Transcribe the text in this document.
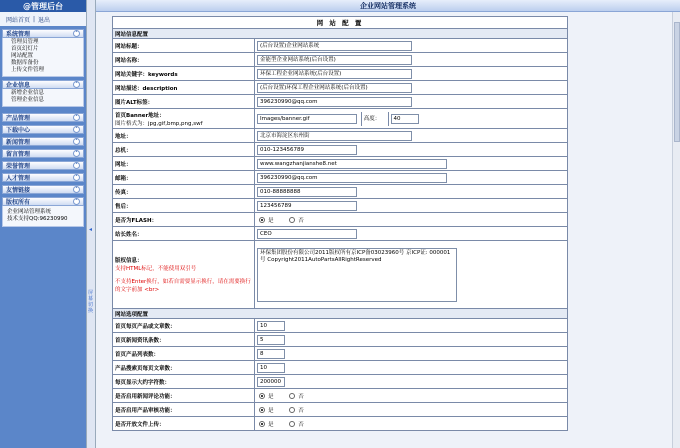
@管理后台
网站首页 | 退出
系统管理	˄
管理员管理
首页幻灯片
网站配置
数据库备份
上传文件管理
企业信息	˄
新增企业信息
管理企业信息
产品管理	˅
下载中心	˅
新闻管理	˅
留言管理	˅
荣誉管理	˅
人才管理	˅
友情链接	˅
版权所有	˄
企业网站管理系统
技术支持QQ:96230990
◂
屏幕切换
企业网站管理系统
网 站 配 置	
网站信息配置	
网站标题：	(后台设置)企业网站系统
网站名称：	金能型企业网站系统(后台设置)
网站关键字：keywords	环保工程企业网站系统(后台设置)
网站描述：description	(后台设置)环保工程企业网站系统(后台设置)
图片ALT标签：	396230990@qq.com

首页Banner地址：
图片格式为：jpg,gif,bmp,png,swf	Images/banner.gif 高度： 40
地址：	北京市海淀区东州街
总机：	010-123456789
网址：	www.wangzhanjianshe8.net
邮箱：	396230990@qq.com
传真：	010-88888888
售后：	123456789
是否为FLASH：	是 否
站长姓名：	CEO

版权信息：
支持HTML标记，不能使用双引号
不支持Enter换行，如若自需要显示换行，请在需要换行的文字前加 <br>	环保集团股份有限公司2011版权所有京ICP备03023960号 京ICP证: 000001号 Copyright2011AutoPartsAllRightReserved

网站选项配置	
首页每页产品或文章数：	10
首页新闻资讯条数：	5
首页产品列表数：	8
产品搜索页每页文章数：	10
每页显示大约字符数：	200000
是否启用新闻评论功能：	是 否
是否启用产品审核功能：	是 否
是否开放文件上传：	是 否
